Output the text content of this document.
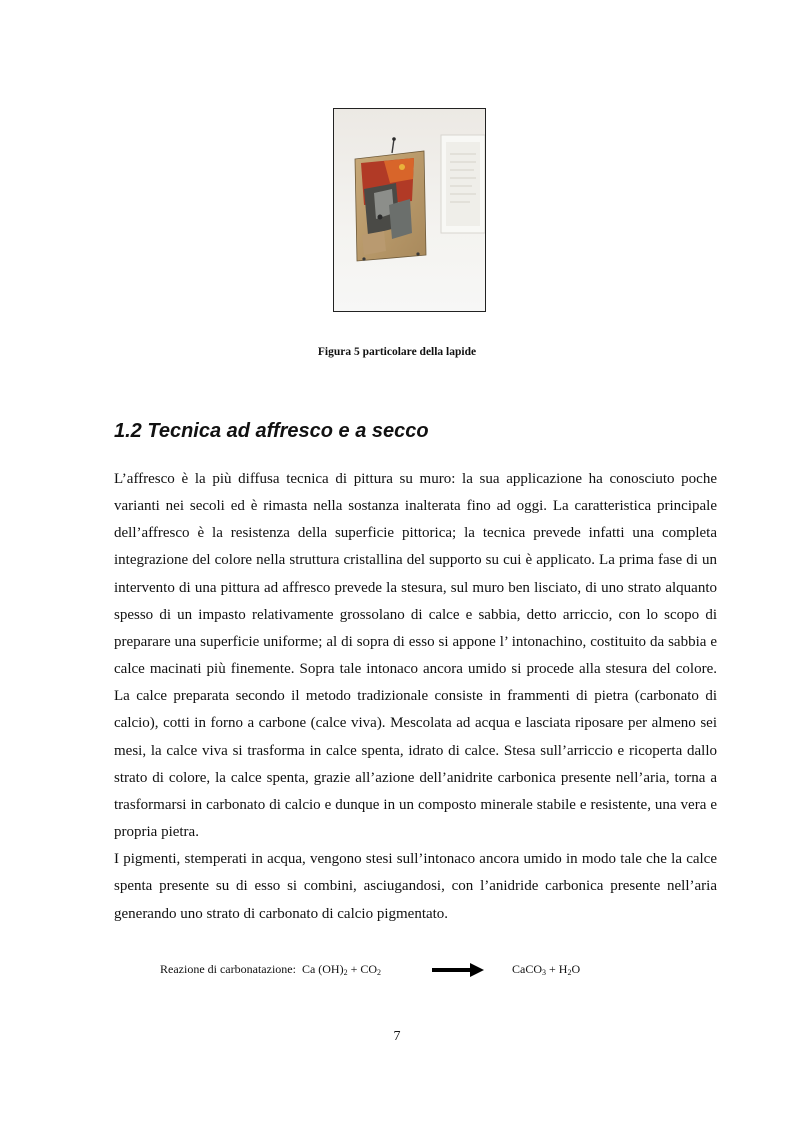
Figura 5 particolare della lapide
1.2 Tecnica ad affresco e a secco

L’affresco è la più diffusa tecnica di pittura su muro: la sua applicazione ha conosciuto poche varianti nei secoli ed è rimasta nella sostanza inalterata fino ad oggi. La caratteristica principale dell’affresco è la resistenza della superficie pittorica; la tecnica prevede infatti una completa integrazione del colore nella struttura cristallina del supporto su cui è applicato. La prima fase di un intervento di una pittura ad affresco prevede la stesura, sul muro ben lisciato, di uno strato alquanto spesso di un impasto relativamente grossolano di calce e sabbia, detto arriccio, con lo scopo di preparare una superficie uniforme; al di sopra di esso si appone l’ intonachino, costituito da sabbia e calce macinati più finemente. Sopra tale intonaco ancora umido si procede alla stesura del colore. La calce preparata secondo il metodo tradizionale consiste in frammenti di pietra (carbonato di calcio), cotti in forno a carbone (calce viva). Mescolata ad acqua e lasciata riposare per almeno sei mesi, la calce viva si trasforma in calce spenta, idrato di calce. Stesa sull’arriccio e ricoperta dallo strato di colore, la calce spenta, grazie all’azione dell’anidrite carbonica presente nell’aria, torna a trasformarsi in carbonato di calcio e dunque in un composto minerale stabile e resistente, una vera e propria pietra.

I pigmenti, stemperati in acqua, vengono stesi sull’intonaco ancora umido in modo tale che la calce spenta presente su di esso si combini, asciugandosi, con l’anidride carbonica presente nell’aria generando uno strato di carbonato di calcio pigmentato.

Reazione di carbonatazione: Ca $(OH)_2 + CO_2$	CaCO$_3$ + $H_2O$
7
